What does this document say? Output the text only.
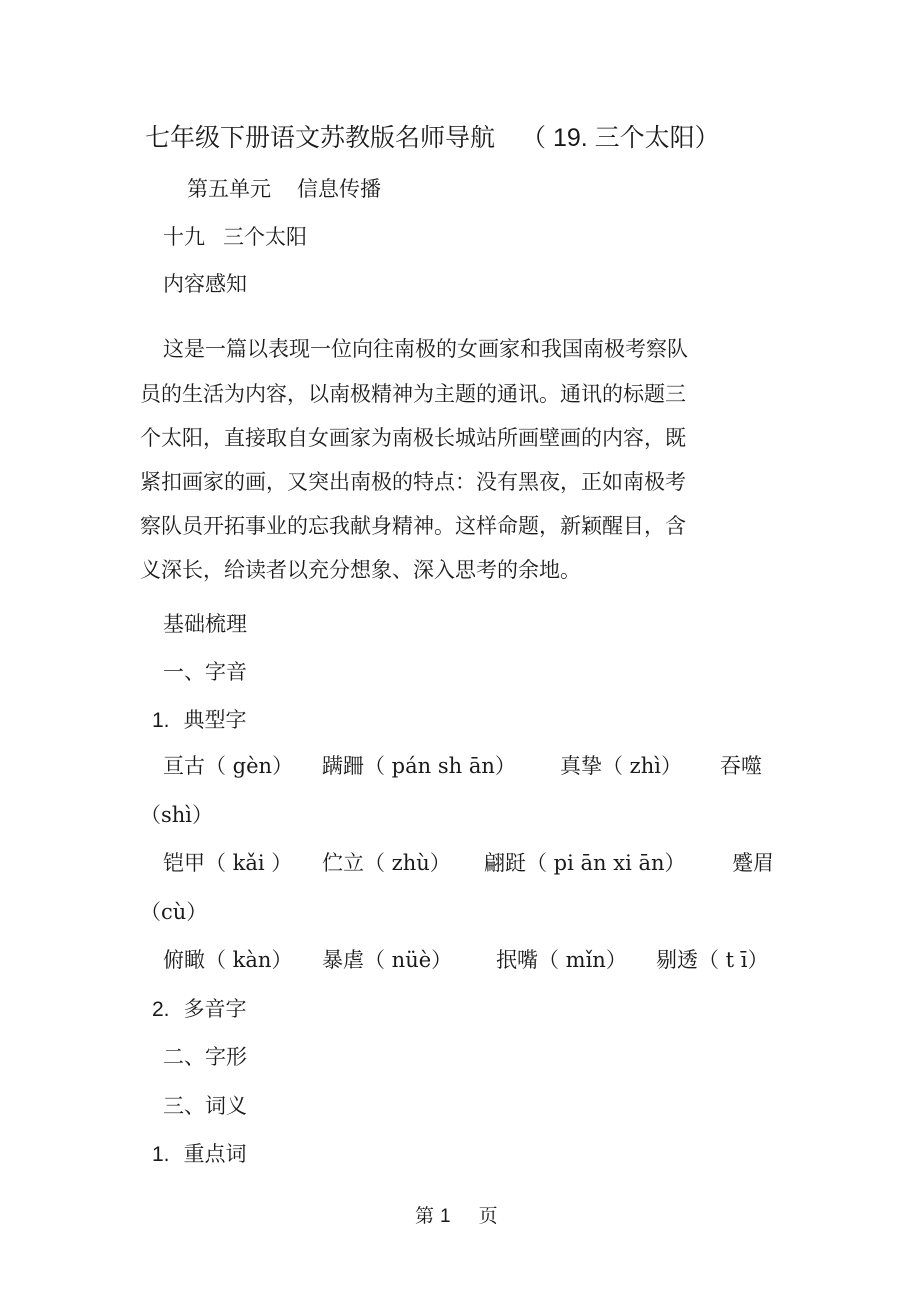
七年级下册语文苏教版名师导航 （ 19. 三个太阳）
第五单元 信息传播
十九 三个太阳
内容感知
这是一篇以表现一位向往南极的女画家和我国南极考察队
员的生活为内容，以南极精神为主题的通讯。通讯的标题三
个太阳，直接取自女画家为南极长城站所画壁画的内容，既
紧扣画家的画，又突出南极的特点：没有黑夜，正如南极考
察队员开拓事业的忘我献身精神。这样命题，新颖醒目，含
义深长，给读者以充分想象、深入思考的余地。
基础梳理
一、字音
1. 典型字
亘古（ gèn） 蹒跚（ pán sh ān） 真挚（ zhì） 吞噬
（shì）
铠甲（ kǎi ） 伫立（ zhù） 翩跹（ pi ān xi ān） 蹙眉
（cù）
俯瞰（ kàn） 暴虐（ nüè） 抿嘴（ mǐn） 剔透（ t ī）
2. 多音字
二、字形
三、词义
1. 重点词
第 1 页
